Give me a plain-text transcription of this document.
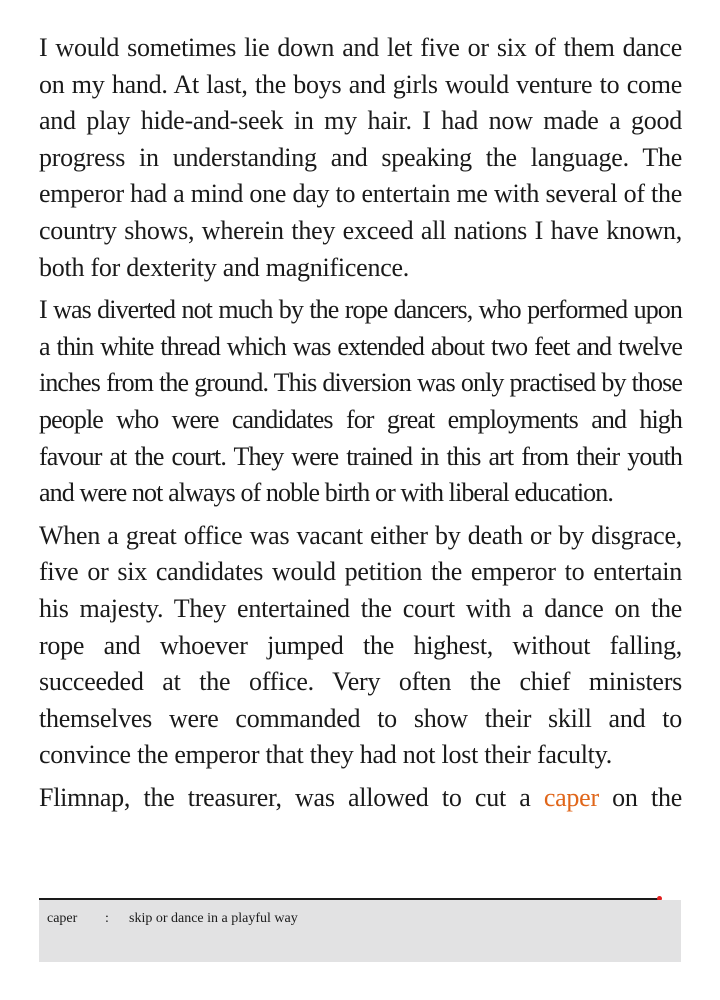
I would sometimes lie down and let five or six of them dance on my hand. At last, the boys and girls would venture to come and play hide-and-seek in my hair. I had now made a good progress in understanding and speaking the language. The emperor had a mind one day to entertain me with several of the country shows, wherein they exceed all nations I have known, both for dexterity and magnificence.

I was diverted not much by the rope dancers, who performed upon a thin white thread which was extended about two feet and twelve inches from the ground. This diversion was only practised by those people who were candidates for great employments and high favour at the court. They were trained in this art from their youth and were not always of noble birth or with liberal education.

When a great office was vacant either by death or by disgrace, five or six candidates would petition the emperor to entertain his majesty. They entertained the court with a dance on the rope and whoever jumped the highest, without falling, succeeded at the office. Very often the chief ministers themselves were commanded to show their skill and to convince the emperor that they had not lost their faculty.

Flimnap, the treasurer, was allowed to cut a caper on the

caper : skip or dance in a playful way
